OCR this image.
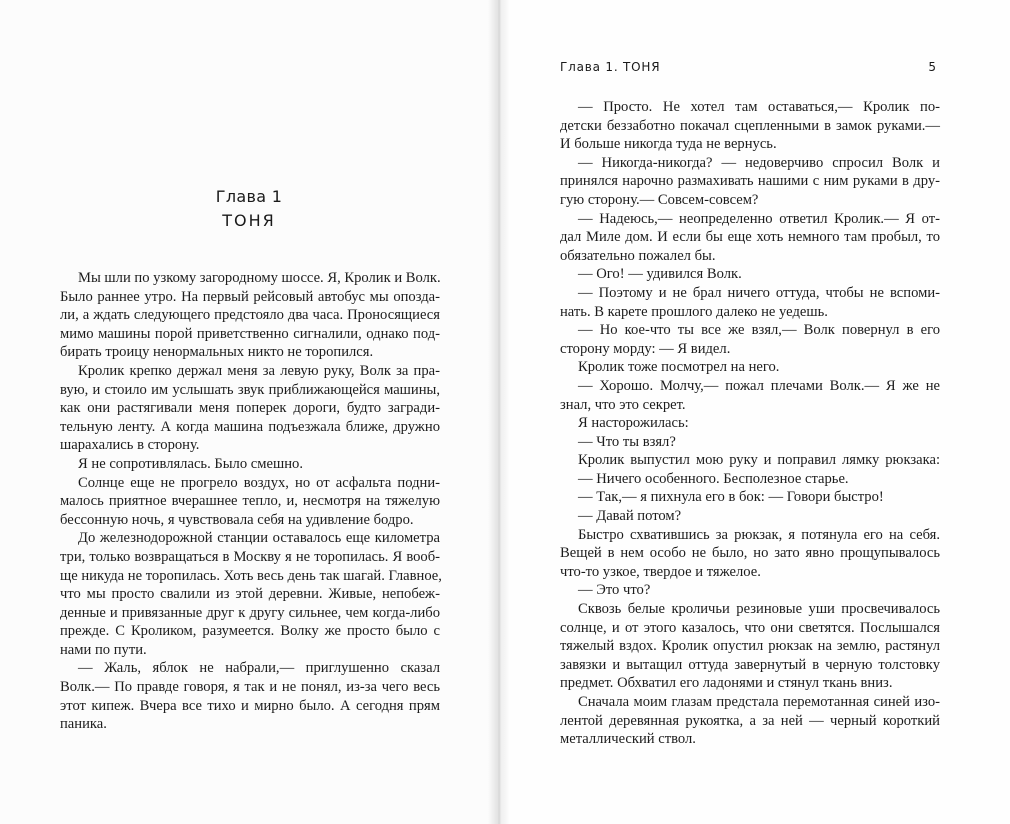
Глава 1
ТОНЯ
Мы шли по узкому загородному шоссе. Я, Кролик и Волк.
Было раннее утро. На первый рейсовый автобус мы опозда-
ли, а ждать следующего предстояло два часа. Проносящиеся
мимо машины порой приветственно сигналили, однако под-
бирать троицу ненормальных никто не торопился.
Кролик крепко держал меня за левую руку, Волк за пра-
вую, и стоило им услышать звук приближающейся машины,
как они растягивали меня поперек дороги, будто загради-
тельную ленту. А когда машина подъезжала ближе, дружно
шарахались в сторону.
Я не сопротивлялась. Было смешно.
Солнце еще не прогрело воздух, но от асфальта подни-
малось приятное вчерашнее тепло, и, несмотря на тяжелую
бессонную ночь, я чувствовала себя на удивление бодро.
До железнодорожной станции оставалось еще километра
три, только возвращаться в Москву я не торопилась. Я вооб-
ще никуда не торопилась. Хоть весь день так шагай. Главное,
что мы просто свалили из этой деревни. Живые, непобеж-
денные и привязанные друг к другу сильнее, чем когда-либо
прежде. С Кроликом, разумеется. Волку же просто было с
нами по пути.
— Жаль, яблок не набрали,— приглушенно сказал
Волк.— По правде говоря, я так и не понял, из-за чего весь
этот кипеж. Вчера все тихо и мирно было. А сегодня прям
паника.
Глава 1. ТОНЯ	5
— Просто. Не хотел там оставаться,— Кролик по-
детски беззаботно покачал сцепленными в замок руками.—
И больше никогда туда не вернусь.
— Никогда-никогда? — недоверчиво спросил Волк и
принялся нарочно размахивать нашими с ним руками в дру-
гую сторону.— Совсем-совсем?
— Надеюсь,— неопределенно ответил Кролик.— Я от-
дал Миле дом. И если бы еще хоть немного там пробыл, то
обязательно пожалел бы.
— Ого! — удивился Волк.
— Поэтому и не брал ничего оттуда, чтобы не вспоми-
нать. В карете прошлого далеко не уедешь.
— Но кое-что ты все же взял,— Волк повернул в его
сторону морду: — Я видел.
Кролик тоже посмотрел на него.
— Хорошо. Молчу,— пожал плечами Волк.— Я же не
знал, что это секрет.
Я насторожилась:
— Что ты взял?
Кролик выпустил мою руку и поправил лямку рюкзака:
— Ничего особенного. Бесполезное старье.
— Так,— я пихнула его в бок: — Говори быстро!
— Давай потом?
Быстро схватившись за рюкзак, я потянула его на себя.
Вещей в нем особо не было, но зато явно прощупывалось
что-то узкое, твердое и тяжелое.
— Это что?
Сквозь белые кроличьи резиновые уши просвечивалось
солнце, и от этого казалось, что они светятся. Послышался
тяжелый вздох. Кролик опустил рюкзак на землю, растянул
завязки и вытащил оттуда завернутый в черную толстовку
предмет. Обхватил его ладонями и стянул ткань вниз.
Сначала моим глазам предстала перемотанная синей изо-
лентой деревянная рукоятка, а за ней — черный короткий
металлический ствол.
